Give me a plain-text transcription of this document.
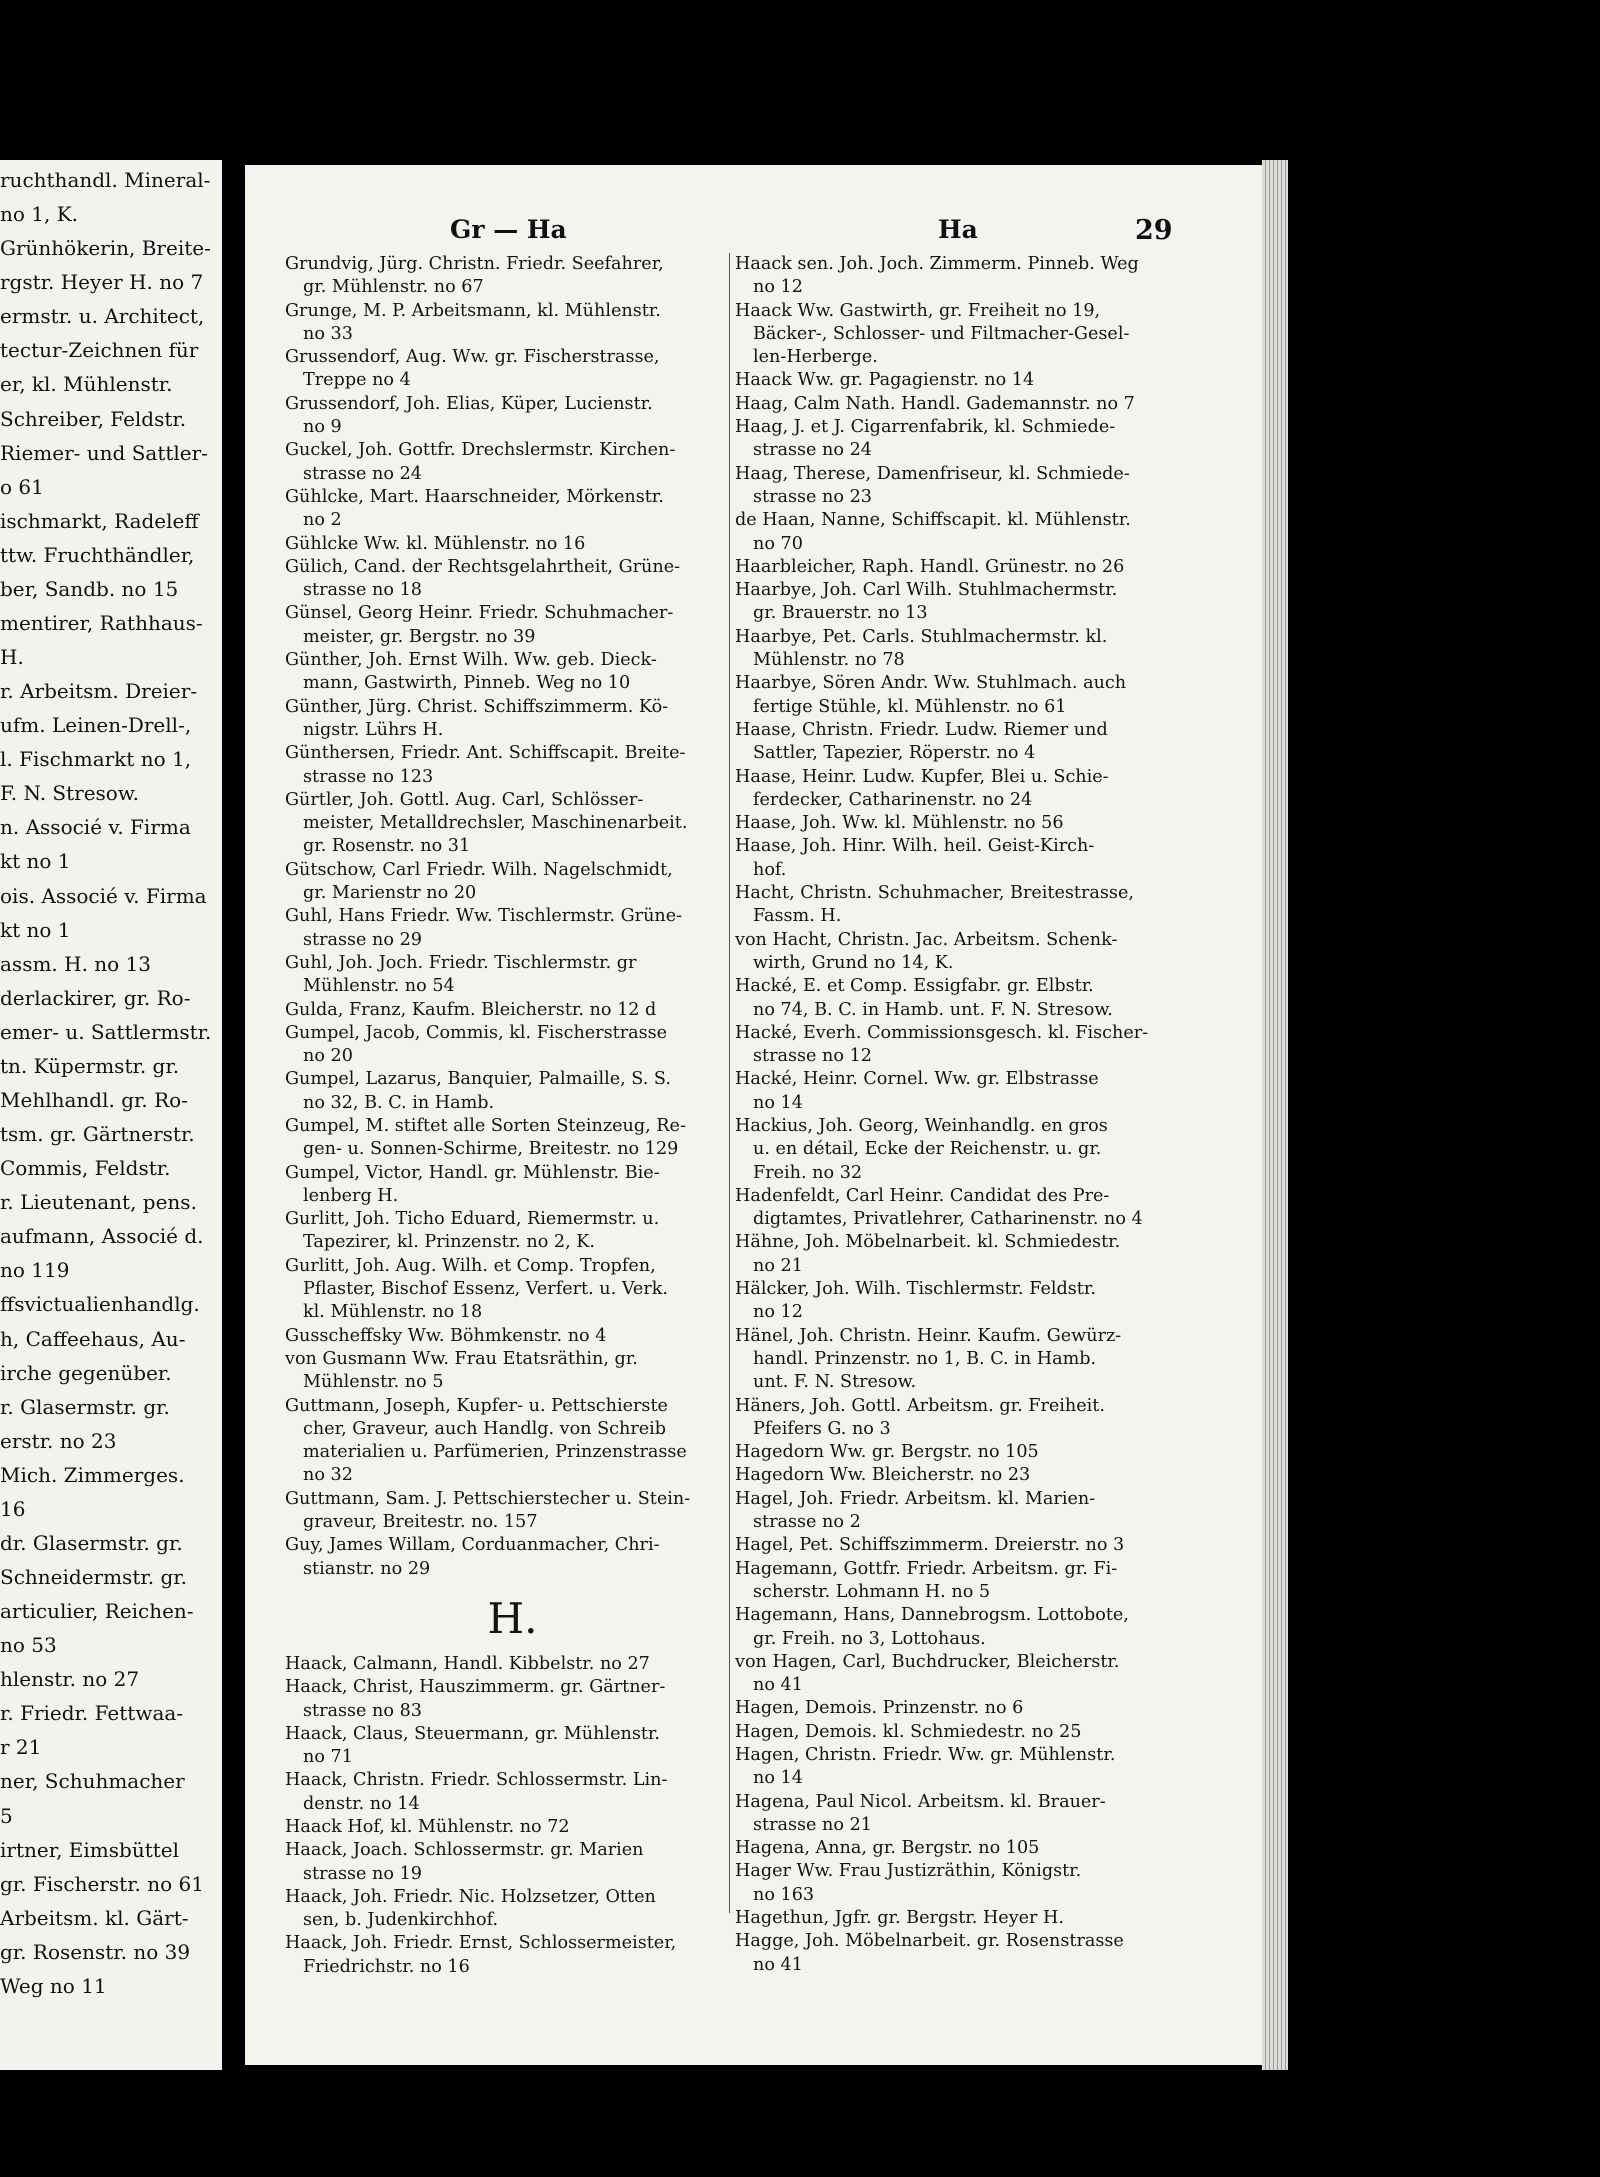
ruchthandl. Mineral-
no 1, K.
Grünhökerin, Breite-
rgstr. Heyer H. no 7
ermstr. u. Architect,
tectur-Zeichnen für
er, kl. Mühlenstr.
Schreiber, Feldstr.
Riemer- und Sattler-
o 61
ischmarkt, Radeleff
ttw. Fruchthändler,
ber, Sandb. no 15
mentirer, Rathhaus-
H.
r. Arbeitsm. Dreier-
ufm. Leinen-Drell-,
l. Fischmarkt no 1,
F. N. Stresow.
n. Associé v. Firma
kt no 1
ois. Associé v. Firma
kt no 1
assm. H. no 13
derlackirer, gr. Ro-
emer- u. Sattlermstr.
tn. Küpermstr. gr.
Mehlhandl. gr. Ro-
tsm. gr. Gärtnerstr.
Commis, Feldstr.
r. Lieutenant, pens.
aufmann, Associé d.
no 119
ffsvictualienhandlg.
h, Caffeehaus, Au-
irche gegenüber.
r. Glasermstr. gr.
erstr. no 23
Mich. Zimmerges.
16
dr. Glasermstr. gr.
Schneidermstr. gr.
articulier, Reichen-
no 53
hlenstr. no 27
r. Friedr. Fettwaa-
r 21
ner, Schuhmacher
5
irtner, Eimsbüttel
gr. Fischerstr. no 61
Arbeitsm. kl. Gärt-
gr. Rosenstr. no 39
Weg no 11
Gr — Ha	Ha	29
Grundvig, Jürg. Christn. Friedr. Seefahrer,
gr. Mühlenstr. no 67
Grunge, M. P. Arbeitsmann, kl. Mühlenstr.
no 33
Grussendorf, Aug. Ww. gr. Fischerstrasse,
Treppe no 4
Grussendorf, Joh. Elias, Küper, Lucienstr.
no 9
Guckel, Joh. Gottfr. Drechslermstr. Kirchen-
strasse no 24
Gühlcke, Mart. Haarschneider, Mörkenstr.
no 2
Gühlcke Ww. kl. Mühlenstr. no 16
Gülich, Cand. der Rechtsgelahrtheit, Grüne-
strasse no 18
Günsel, Georg Heinr. Friedr. Schuhmacher-
meister, gr. Bergstr. no 39
Günther, Joh. Ernst Wilh. Ww. geb. Dieck-
mann, Gastwirth, Pinneb. Weg no 10
Günther, Jürg. Christ. Schiffszimmerm. Kö-
nigstr. Lührs H.
Günthersen, Friedr. Ant. Schiffscapit. Breite-
strasse no 123
Gürtler, Joh. Gottl. Aug. Carl, Schlösser-
meister, Metalldrechsler, Maschinenarbeit.
gr. Rosenstr. no 31
Gütschow, Carl Friedr. Wilh. Nagelschmidt,
gr. Marienstr no 20
Guhl, Hans Friedr. Ww. Tischlermstr. Grüne-
strasse no 29
Guhl, Joh. Joch. Friedr. Tischlermstr. gr
Mühlenstr. no 54
Gulda, Franz, Kaufm. Bleicherstr. no 12 d
Gumpel, Jacob, Commis, kl. Fischerstrasse
no 20
Gumpel, Lazarus, Banquier, Palmaille, S. S.
no 32, B. C. in Hamb.
Gumpel, M. stiftet alle Sorten Steinzeug, Re-
gen- u. Sonnen-Schirme, Breitestr. no 129
Gumpel, Victor, Handl. gr. Mühlenstr. Bie-
lenberg H.
Gurlitt, Joh. Ticho Eduard, Riemermstr. u.
Tapezirer, kl. Prinzenstr. no 2, K.
Gurlitt, Joh. Aug. Wilh. et Comp. Tropfen,
Pflaster, Bischof Essenz, Verfert. u. Verk.
kl. Mühlenstr. no 18
Gusscheffsky Ww. Böhmkenstr. no 4
von Gusmann Ww. Frau Etatsräthin, gr.
Mühlenstr. no 5
Guttmann, Joseph, Kupfer- u. Pettschierste
cher, Graveur, auch Handlg. von Schreib
materialien u. Parfümerien, Prinzenstrasse
no 32
Guttmann, Sam. J. Pettschierstecher u. Stein-
graveur, Breitestr. no. 157
Guy, James Willam, Corduanmacher, Chri-
stianstr. no 29
H.
Haack, Calmann, Handl. Kibbelstr. no 27
Haack, Christ, Hauszimmerm. gr. Gärtner-
strasse no 83
Haack, Claus, Steuermann, gr. Mühlenstr.
no 71
Haack, Christn. Friedr. Schlossermstr. Lin-
denstr. no 14
Haack Hof, kl. Mühlenstr. no 72
Haack, Joach. Schlossermstr. gr. Marien
strasse no 19
Haack, Joh. Friedr. Nic. Holzsetzer, Otten
sen, b. Judenkirchhof.
Haack, Joh. Friedr. Ernst, Schlossermeister,
Friedrichstr. no 16
Haack sen. Joh. Joch. Zimmerm. Pinneb. Weg
no 12
Haack Ww. Gastwirth, gr. Freiheit no 19,
Bäcker-, Schlosser- und Filtmacher-Gesel-
len-Herberge.
Haack Ww. gr. Pagagienstr. no 14
Haag, Calm Nath. Handl. Gademannstr. no 7
Haag, J. et J. Cigarrenfabrik, kl. Schmiede-
strasse no 24
Haag, Therese, Damenfriseur, kl. Schmiede-
strasse no 23
de Haan, Nanne, Schiffscapit. kl. Mühlenstr.
no 70
Haarbleicher, Raph. Handl. Grünestr. no 26
Haarbye, Joh. Carl Wilh. Stuhlmachermstr.
gr. Brauerstr. no 13
Haarbye, Pet. Carls. Stuhlmachermstr. kl.
Mühlenstr. no 78
Haarbye, Sören Andr. Ww. Stuhlmach. auch
fertige Stühle, kl. Mühlenstr. no 61
Haase, Christn. Friedr. Ludw. Riemer und
Sattler, Tapezier, Röperstr. no 4
Haase, Heinr. Ludw. Kupfer, Blei u. Schie-
ferdecker, Catharinenstr. no 24
Haase, Joh. Ww. kl. Mühlenstr. no 56
Haase, Joh. Hinr. Wilh. heil. Geist-Kirch-
hof.
Hacht, Christn. Schuhmacher, Breitestrasse,
Fassm. H.
von Hacht, Christn. Jac. Arbeitsm. Schenk-
wirth, Grund no 14, K.
Hacké, E. et Comp. Essigfabr. gr. Elbstr.
no 74, B. C. in Hamb. unt. F. N. Stresow.
Hacké, Everh. Commissionsgesch. kl. Fischer-
strasse no 12
Hacké, Heinr. Cornel. Ww. gr. Elbstrasse
no 14
Hackius, Joh. Georg, Weinhandlg. en gros
u. en détail, Ecke der Reichenstr. u. gr.
Freih. no 32
Hadenfeldt, Carl Heinr. Candidat des Pre-
digtamtes, Privatlehrer, Catharinenstr. no 4
Hähne, Joh. Möbelnarbeit. kl. Schmiedestr.
no 21
Hälcker, Joh. Wilh. Tischlermstr. Feldstr.
no 12
Hänel, Joh. Christn. Heinr. Kaufm. Gewürz-
handl. Prinzenstr. no 1, B. C. in Hamb.
unt. F. N. Stresow.
Häners, Joh. Gottl. Arbeitsm. gr. Freiheit.
Pfeifers G. no 3
Hagedorn Ww. gr. Bergstr. no 105
Hagedorn Ww. Bleicherstr. no 23
Hagel, Joh. Friedr. Arbeitsm. kl. Marien-
strasse no 2
Hagel, Pet. Schiffszimmerm. Dreierstr. no 3
Hagemann, Gottfr. Friedr. Arbeitsm. gr. Fi-
scherstr. Lohmann H. no 5
Hagemann, Hans, Dannebrogsm. Lottobote,
gr. Freih. no 3, Lottohaus.
von Hagen, Carl, Buchdrucker, Bleicherstr.
no 41
Hagen, Demois. Prinzenstr. no 6
Hagen, Demois. kl. Schmiedestr. no 25
Hagen, Christn. Friedr. Ww. gr. Mühlenstr.
no 14
Hagena, Paul Nicol. Arbeitsm. kl. Brauer-
strasse no 21
Hagena, Anna, gr. Bergstr. no 105
Hager Ww. Frau Justizräthin, Königstr.
no 163
Hagethun, Jgfr. gr. Bergstr. Heyer H.
Hagge, Joh. Möbelnarbeit. gr. Rosenstrasse
no 41
